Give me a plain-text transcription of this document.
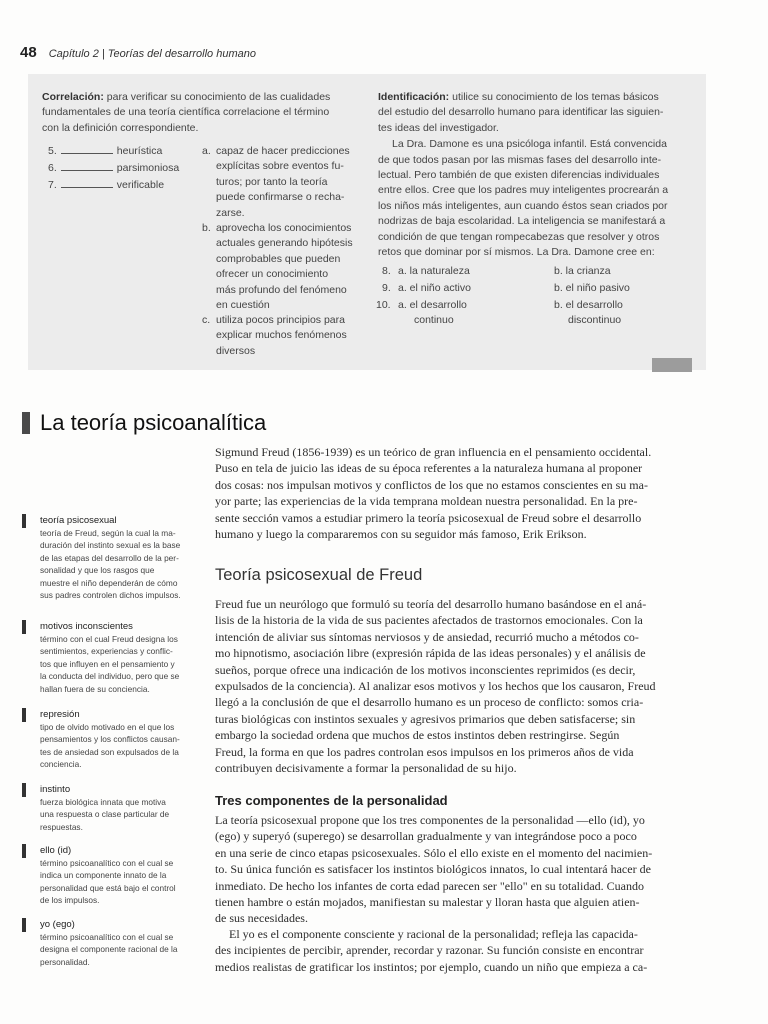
48 Capítulo 2 | Teorías del desarrollo humano
Correlación: para verificar su conocimiento de las cualidades
fundamentales de una teoría científica correlacione el término
con la definición correspondiente.
5.	heurística
6.	parsimoniosa
7.	verificable
a. capaz de hacer predicciones
explícitas sobre eventos fu-
turos; por tanto la teoría
puede confirmarse o recha-
zarse.
b. aprovecha los conocimientos
actuales generando hipótesis
comprobables que pueden
ofrecer un conocimiento
más profundo del fenómeno
en cuestión
c. utiliza pocos principios para
explicar muchos fenómenos
diversos
Identificación: utilice su conocimiento de los temas básicos
del estudio del desarrollo humano para identificar las siguien-
tes ideas del investigador.
La Dra. Damone es una psicóloga infantil. Está convencida
de que todos pasan por las mismas fases del desarrollo inte-
lectual. Pero también de que existen diferencias individuales
entre ellos. Cree que los padres muy inteligentes procrearán a
los niños más inteligentes, aun cuando éstos sean criados por
nodrizas de baja escolaridad. La inteligencia se manifestará a
condición de que tengan rompecabezas que resolver y otros
retos que dominar por sí mismos. La Dra. Damone cree en:
8. a. la naturaleza	b. la crianza
9. a. el niño activo	b. el niño pasivo
10. a. el desarrollo	b. el desarrollo
continuo	discontinuo
La teoría psicoanalítica
Sigmund Freud (1856-1939) es un teórico de gran influencia en el pensamiento occidental.
Puso en tela de juicio las ideas de su época referentes a la naturaleza humana al proponer
dos cosas: nos impulsan motivos y conflictos de los que no estamos conscientes en su ma-
yor parte; las experiencias de la vida temprana moldean nuestra personalidad. En la pre-
sente sección vamos a estudiar primero la teoría psicosexual de Freud sobre el desarrollo
humano y luego la compararemos con su seguidor más famoso, Erik Erikson.
Teoría psicosexual de Freud
Freud fue un neurólogo que formuló su teoría del desarrollo humano basándose en el aná-
lisis de la historia de la vida de sus pacientes afectados de trastornos emocionales. Con la
intención de aliviar sus síntomas nerviosos y de ansiedad, recurrió mucho a métodos co-
mo hipnotismo, asociación libre (expresión rápida de las ideas personales) y el análisis de
sueños, porque ofrece una indicación de los motivos inconscientes reprimidos (es decir,
expulsados de la conciencia). Al analizar esos motivos y los hechos que los causaron, Freud
llegó a la conclusión de que el desarrollo humano es un proceso de conflicto: somos cria-
turas biológicas con instintos sexuales y agresivos primarios que deben satisfacerse; sin
embargo la sociedad ordena que muchos de estos instintos deben restringirse. Según
Freud, la forma en que los padres controlan esos impulsos en los primeros años de vida
contribuyen decisivamente a formar la personalidad de su hijo.
Tres componentes de la personalidad
La teoría psicosexual propone que los tres componentes de la personalidad —ello (id), yo
(ego) y superyó (superego) se desarrollan gradualmente y van integrándose poco a poco
en una serie de cinco etapas psicosexuales. Sólo el ello existe en el momento del nacimien-
to. Su única función es satisfacer los instintos biológicos innatos, lo cual intentará hacer de
inmediato. De hecho los infantes de corta edad parecen ser "ello" en su totalidad. Cuando
tienen hambre o están mojados, manifiestan su malestar y lloran hasta que alguien atien-
de sus necesidades.
El yo es el componente consciente y racional de la personalidad; refleja las capacida-
des incipientes de percibir, aprender, recordar y razonar. Su función consiste en encontrar
medios realistas de gratificar los instintos; por ejemplo, cuando un niño que empieza a ca-
teoría psicosexual
teoría de Freud, según la cual la ma-
duración del instinto sexual es la base
de las etapas del desarrollo de la per-
sonalidad y que los rasgos que
muestre el niño dependerán de cómo
sus padres controlen dichos impulsos.
motivos inconscientes
término con el cual Freud designa los
sentimientos, experiencias y conflic-
tos que influyen en el pensamiento y
la conducta del individuo, pero que se
hallan fuera de su conciencia.
represión
tipo de olvido motivado en el que los
pensamientos y los conflictos causan-
tes de ansiedad son expulsados de la
conciencia.
instinto
fuerza biológica innata que motiva
una respuesta o clase particular de
respuestas.
ello (id)
término psicoanalítico con el cual se
indica un componente innato de la
personalidad que está bajo el control
de los impulsos.
yo (ego)
término psicoanalítico con el cual se
designa el componente racional de la
personalidad.
